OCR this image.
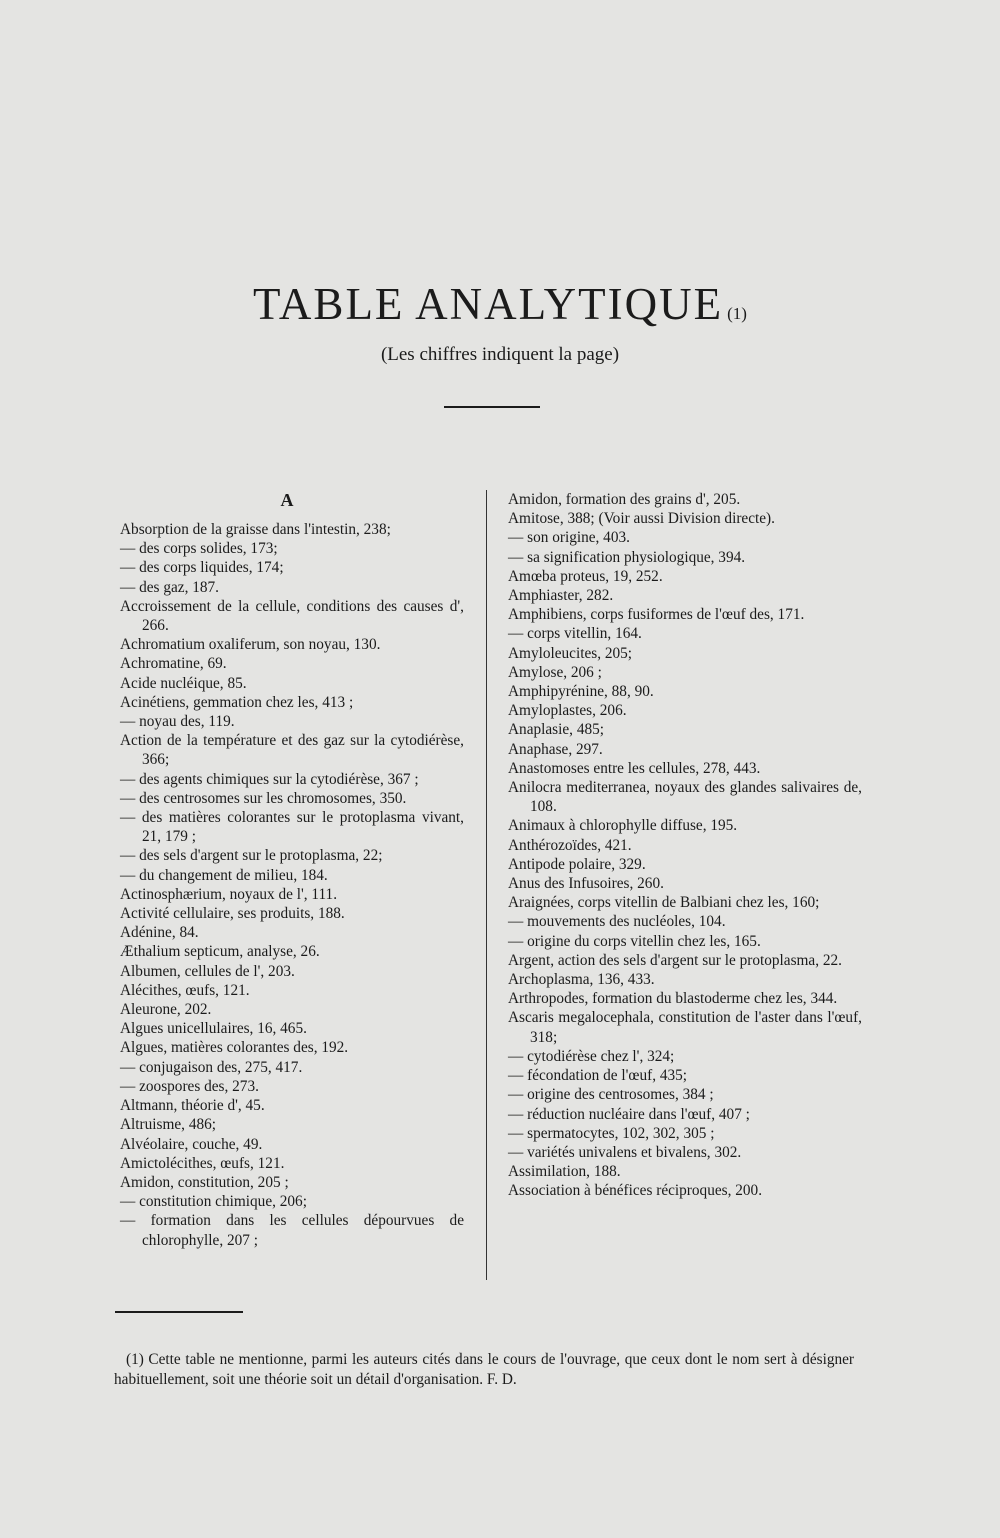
TABLE ANALYTIQUE (1)
(Les chiffres indiquent la page)
A
Absorption de la graisse dans l'intestin, 238;
— des corps solides, 173;
— des corps liquides, 174;
— des gaz, 187.
Accroissement de la cellule, conditions des causes d', 266.
Achromatium oxaliferum, son noyau, 130.
Achromatine, 69.
Acide nucléique, 85.
Acinétiens, gemmation chez les, 413 ;
— noyau des, 119.
Action de la température et des gaz sur la cytodiérèse, 366;
— des agents chimiques sur la cytodiérèse, 367 ;
— des centrosomes sur les chromosomes, 350.
— des matières colorantes sur le protoplasma vivant, 21, 179 ;
— des sels d'argent sur le protoplasma, 22;
— du changement de milieu, 184.
Actinosphærium, noyaux de l', 111.
Activité cellulaire, ses produits, 188.
Adénine, 84.
Æthalium septicum, analyse, 26.
Albumen, cellules de l', 203.
Alécithes, œufs, 121.
Aleurone, 202.
Algues unicellulaires, 16, 465.
Algues, matières colorantes des, 192.
— conjugaison des, 275, 417.
— zoospores des, 273.
Altmann, théorie d', 45.
Altruisme, 486;
Alvéolaire, couche, 49.
Amictolécithes, œufs, 121.
Amidon, constitution, 205 ;
— constitution chimique, 206;
— formation dans les cellules dépourvues de chlorophylle, 207 ;
Amidon, formation des grains d', 205.
Amitose, 388; (Voir aussi Division directe).
— son origine, 403.
— sa signification physiologique, 394.
Amœba proteus, 19, 252.
Amphiaster, 282.
Amphibiens, corps fusiformes de l'œuf des, 171.
— corps vitellin, 164.
Amyloleucites, 205;
Amylose, 206 ;
Amphipyrénine, 88, 90.
Amyloplastes, 206.
Anaplasie, 485;
Anaphase, 297.
Anastomoses entre les cellules, 278, 443.
Anilocra mediterranea, noyaux des glandes salivaires de, 108.
Animaux à chlorophylle diffuse, 195.
Anthérozoïdes, 421.
Antipode polaire, 329.
Anus des Infusoires, 260.
Araignées, corps vitellin de Balbiani chez les, 160;
— mouvements des nucléoles, 104.
— origine du corps vitellin chez les, 165.
Argent, action des sels d'argent sur le protoplasma, 22.
Archoplasma, 136, 433.
Arthropodes, formation du blastoderme chez les, 344.
Ascaris megalocephala, constitution de l'aster dans l'œuf, 318;
— cytodiérèse chez l', 324;
— fécondation de l'œuf, 435;
— origine des centrosomes, 384 ;
— réduction nucléaire dans l'œuf, 407 ;
— spermatocytes, 102, 302, 305 ;
— variétés univalens et bivalens, 302.
Assimilation, 188.
Association à bénéfices réciproques, 200.

(1) Cette table ne mentionne, parmi les auteurs cités dans le cours de l'ouvrage, que ceux dont le nom sert à désigner habituellement, soit une théorie soit un détail d'organisation. F. D.
